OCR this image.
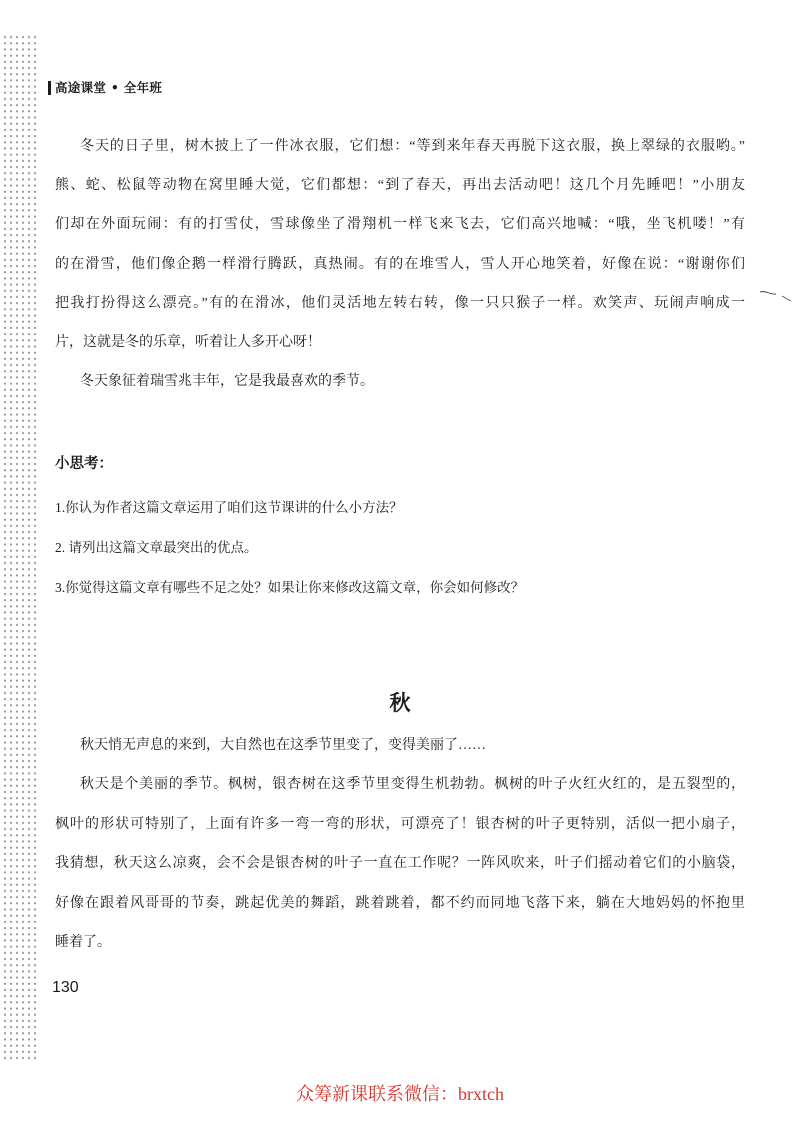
高途课堂 • 全年班
冬天的日子里，树木披上了一件冰衣服，它们想：“等到来年春天再脱下这衣服，换上翠绿的衣服哟。”
熊、蛇、松鼠等动物在窝里睡大觉，它们都想：“到了春天，再出去活动吧！这几个月先睡吧！”小朋友
们却在外面玩闹：有的打雪仗，雪球像坐了滑翔机一样飞来飞去，它们高兴地喊：“哦，坐飞机喽！”有
的在滑雪，他们像企鹅一样滑行腾跃，真热闹。有的在堆雪人，雪人开心地笑着，好像在说：“谢谢你们
把我打扮得这么漂亮。”有的在滑冰，他们灵活地左转右转，像一只只猴子一样。欢笑声、玩闹声响成一
片，这就是冬的乐章，听着让人多开心呀！
冬天象征着瑞雪兆丰年，它是我最喜欢的季节。
小思考：
1.你认为作者这篇文章运用了咱们这节课讲的什么小方法？
2. 请列出这篇文章最突出的优点。
3.你觉得这篇文章有哪些不足之处？如果让你来修改这篇文章，你会如何修改？
秋
秋天悄无声息的来到，大自然也在这季节里变了，变得美丽了……
秋天是个美丽的季节。枫树，银杏树在这季节里变得生机勃勃。枫树的叶子火红火红的，是五裂型的，
枫叶的形状可特别了，上面有许多一弯一弯的形状，可漂亮了！银杏树的叶子更特别，活似一把小扇子，
我猜想，秋天这么凉爽，会不会是银杏树的叶子一直在工作呢？一阵风吹来，叶子们摇动着它们的小脑袋，
好像在跟着风哥哥的节奏，跳起优美的舞蹈，跳着跳着，都不约而同地飞落下来，躺在大地妈妈的怀抱里
睡着了。
130
众筹新课联系微信：brxtch
